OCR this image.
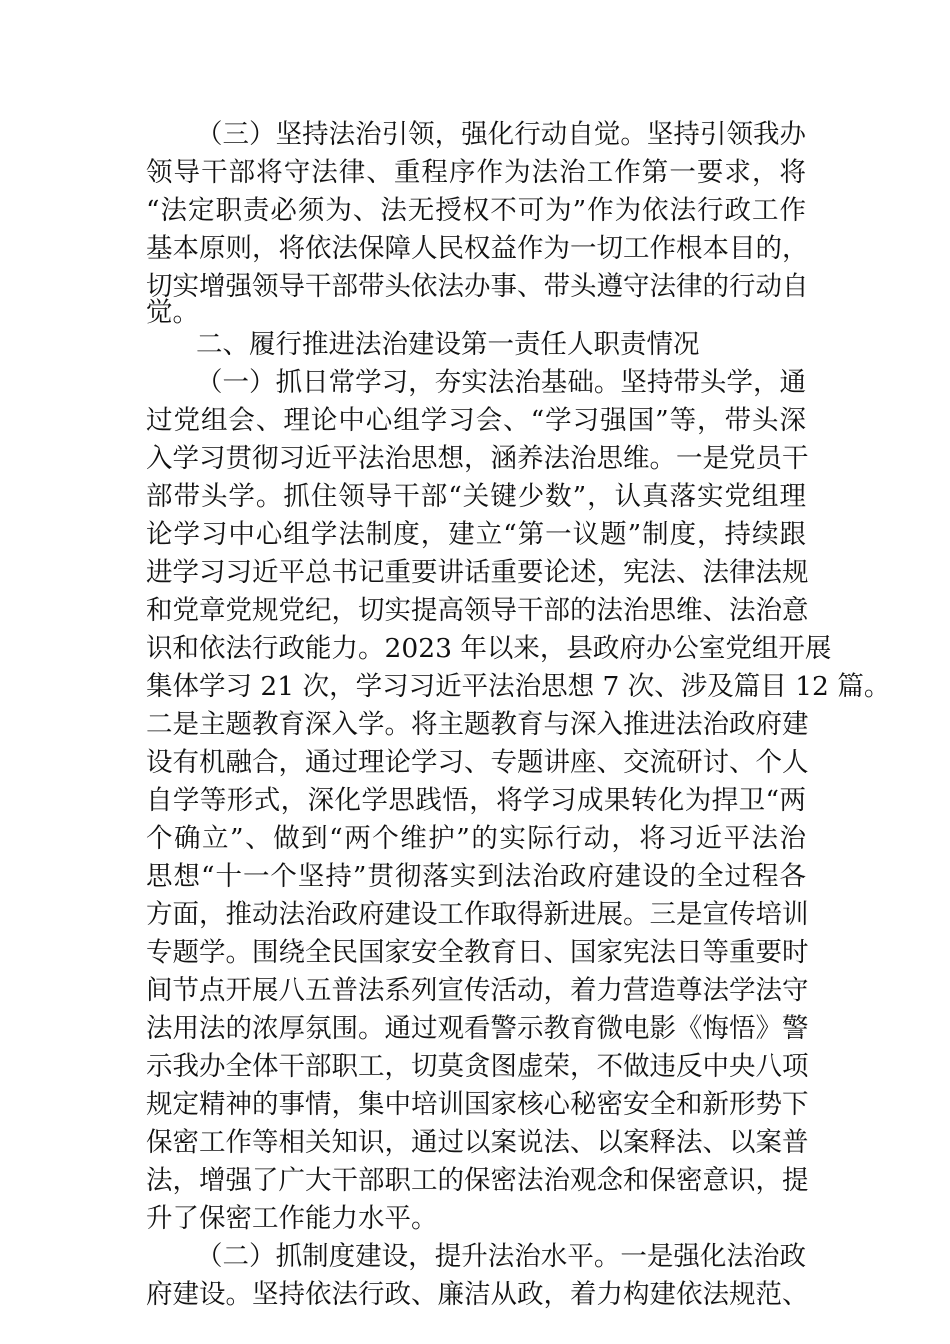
（三）坚持法治引领，强化行动自觉。坚持引领我办
领导干部将守法律、重程序作为法治工作第一要求，将
“法定职责必须为、法无授权不可为”作为依法行政工作
基本原则，将依法保障人民权益作为一切工作根本目的，
切实增强领导干部带头依法办事、带头遵守法律的行动自
觉。
二、履行推进法治建设第一责任人职责情况
（一）抓日常学习，夯实法治基础。坚持带头学，通
过党组会、理论中心组学习会、“学习强国”等，带头深
入学习贯彻习近平法治思想，涵养法治思维。一是党员干
部带头学。抓住领导干部“关键少数”，认真落实党组理
论学习中心组学法制度，建立“第一议题”制度，持续跟
进学习习近平总书记重要讲话重要论述，宪法、法律法规
和党章党规党纪，切实提高领导干部的法治思维、法治意
识和依法行政能力。2023 年以来，县政府办公室党组开展
集体学习 21 次，学习习近平法治思想 7 次、涉及篇目 12 篇。
二是主题教育深入学。将主题教育与深入推进法治政府建
设有机融合，通过理论学习、专题讲座、交流研讨、个人
自学等形式，深化学思践悟，将学习成果转化为捍卫“两
个确立”、做到“两个维护”的实际行动，将习近平法治
思想“十一个坚持”贯彻落实到法治政府建设的全过程各
方面，推动法治政府建设工作取得新进展。三是宣传培训
专题学。围绕全民国家安全教育日、国家宪法日等重要时
间节点开展八五普法系列宣传活动，着力营造尊法学法守
法用法的浓厚氛围。通过观看警示教育微电影《悔悟》警
示我办全体干部职工，切莫贪图虚荣，不做违反中央八项
规定精神的事情，集中培训国家核心秘密安全和新形势下
保密工作等相关知识，通过以案说法、以案释法、以案普
法，增强了广大干部职工的保密法治观念和保密意识，提
升了保密工作能力水平。
（二）抓制度建设，提升法治水平。一是强化法治政
府建设。坚持依法行政、廉洁从政，着力构建依法规范、
